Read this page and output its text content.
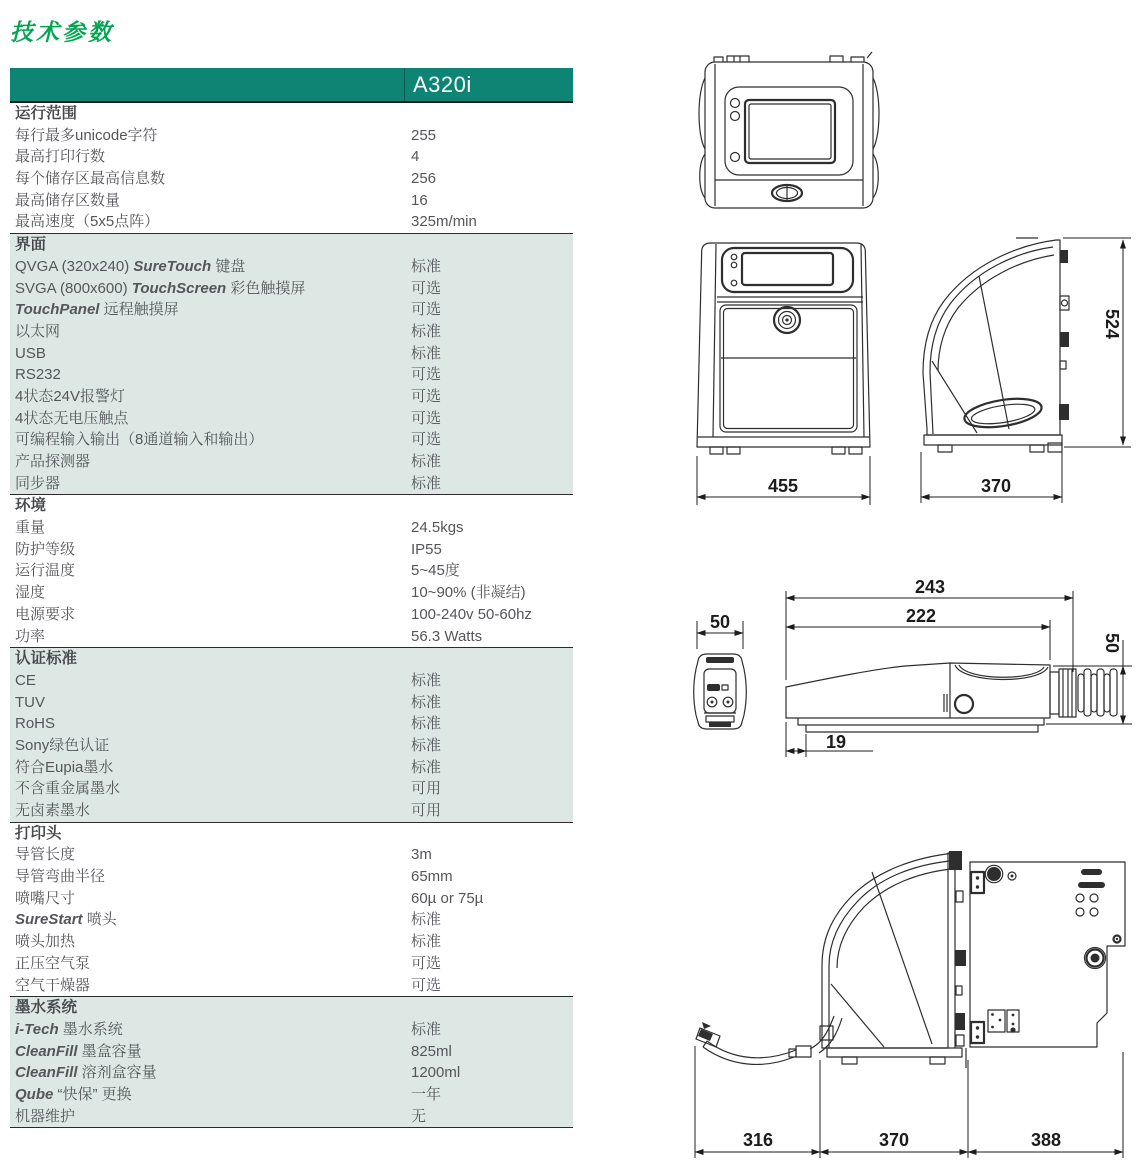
技术参数
A320i
运行范围
每行最多unicode字符	255
最高打印行数	4
每个储存区最高信息数	256
最高储存区数量	16
最高速度（5x5点阵）	325m/min
界面
QVGA (320x240) SureTouch 键盘	标准
SVGA (800x600) TouchScreen 彩色触摸屏	可选
TouchPanel 远程触摸屏	可选
以太网	标准
USB	标准
RS232	可选
4状态24V报警灯	可选
4状态无电压触点	可选
可编程输入输出（8通道输入和输出）	可选
产品探测器	标准
同步器	标准
环境
重量	24.5kgs
防护等级	IP55
运行温度	5~45度
湿度	10~90% (非凝结)
电源要求	100-240v 50-60hz
功率	56.3 Watts
认证标准
CE	标准
TUV	标准
RoHS	标准
Sony绿色认证	标准
符合Eupia墨水	标准
不含重金属墨水	可用
无卤素墨水	可用
打印头
导管长度	3m
导管弯曲半径	65mm
喷嘴尺寸	60µ or 75µ
SureStart 喷头	标准
喷头加热	标准
正压空气泵	可选
空气干燥器	可选
墨水系统
i-Tech 墨水系统	标准
CleanFill 墨盒容量	825ml
CleanFill 溶剂盒容量	1200ml
Qube “快保” 更换	一年
机器维护	无
455	370
524
50
243
222
50
19
316	370	388
